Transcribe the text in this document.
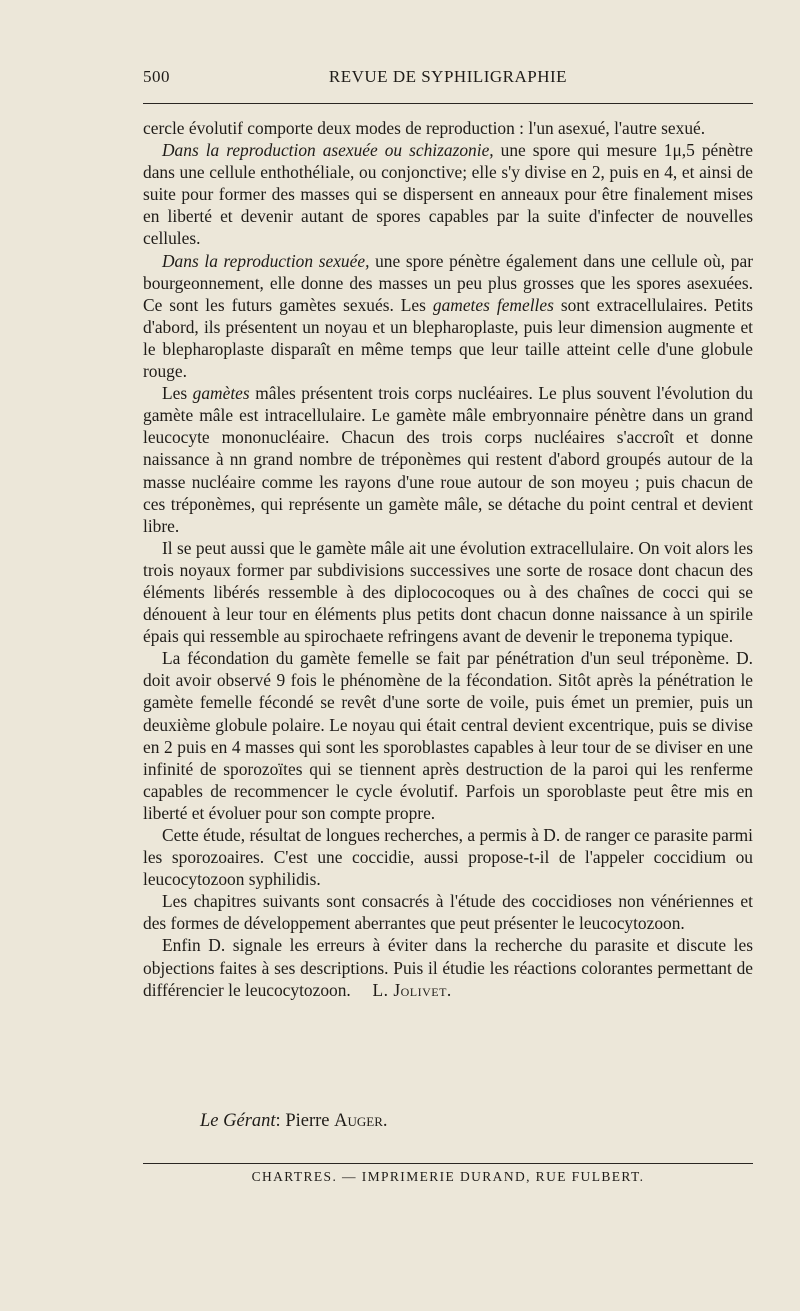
500	REVUE DE SYPHILIGRAPHIE

cercle évolutif comporte deux modes de reproduction : l'un asexué, l'autre sexué.

Dans la reproduction asexuée ou schizazonie, une spore qui mesure 1μ,5 pénètre dans une cellule enthothéliale, ou conjonctive; elle s'y divise en 2, puis en 4, et ainsi de suite pour former des masses qui se dispersent en anneaux pour être finalement mises en liberté et devenir autant de spores capables par la suite d'infecter de nouvelles cellules.

Dans la reproduction sexuée, une spore pénètre également dans une cellule où, par bourgeonnement, elle donne des masses un peu plus grosses que les spores asexuées. Ce sont les futurs gamètes sexués. Les gametes femelles sont extracellulaires. Petits d'abord, ils présentent un noyau et un blepharoplaste, puis leur dimension augmente et le blepharoplaste disparaît en même temps que leur taille atteint celle d'une globule rouge.

Les gamètes mâles présentent trois corps nucléaires. Le plus souvent l'évolution du gamète mâle est intracellulaire. Le gamète mâle embryonnaire pénètre dans un grand leucocyte mononucléaire. Chacun des trois corps nucléaires s'accroît et donne naissance à nn grand nombre de tréponèmes qui restent d'abord groupés autour de la masse nucléaire comme les rayons d'une roue autour de son moyeu ; puis chacun de ces tréponèmes, qui représente un gamète mâle, se détache du point central et devient libre.

Il se peut aussi que le gamète mâle ait une évolution extracellulaire. On voit alors les trois noyaux former par subdivisions successives une sorte de rosace dont chacun des éléments libérés ressemble à des diplococoques ou à des chaînes de cocci qui se dénouent à leur tour en éléments plus petits dont chacun donne naissance à un spirile épais qui ressemble au spirochaete refringens avant de devenir le treponema typique.

La fécondation du gamète femelle se fait par pénétration d'un seul tréponème. D. doit avoir observé 9 fois le phénomène de la fécondation. Sitôt après la pénétration le gamète femelle fécondé se revêt d'une sorte de voile, puis émet un premier, puis un deuxième globule polaire. Le noyau qui était central devient excentrique, puis se divise en 2 puis en 4 masses qui sont les sporoblastes capables à leur tour de se diviser en une infinité de sporozoïtes qui se tiennent après destruction de la paroi qui les renferme capables de recommencer le cycle évolutif. Parfois un sporoblaste peut être mis en liberté et évoluer pour son compte propre.

Cette étude, résultat de longues recherches, a permis à D. de ranger ce parasite parmi les sporozoaires. C'est une coccidie, aussi propose-t-il de l'appeler coccidium ou leucocytozoon syphilidis.

Les chapitres suivants sont consacrés à l'étude des coccidioses non vénériennes et des formes de développement aberrantes que peut présenter le leucocytozoon.

Enfin D. signale les erreurs à éviter dans la recherche du parasite et discute les objections faites à ses descriptions. Puis il étudie les réactions colorantes permettant de différencier le leucocytozoon.  L. Jolivet.

Le Gérant: Pierre Auger.
CHARTRES. — IMPRIMERIE DURAND, RUE FULBERT.
